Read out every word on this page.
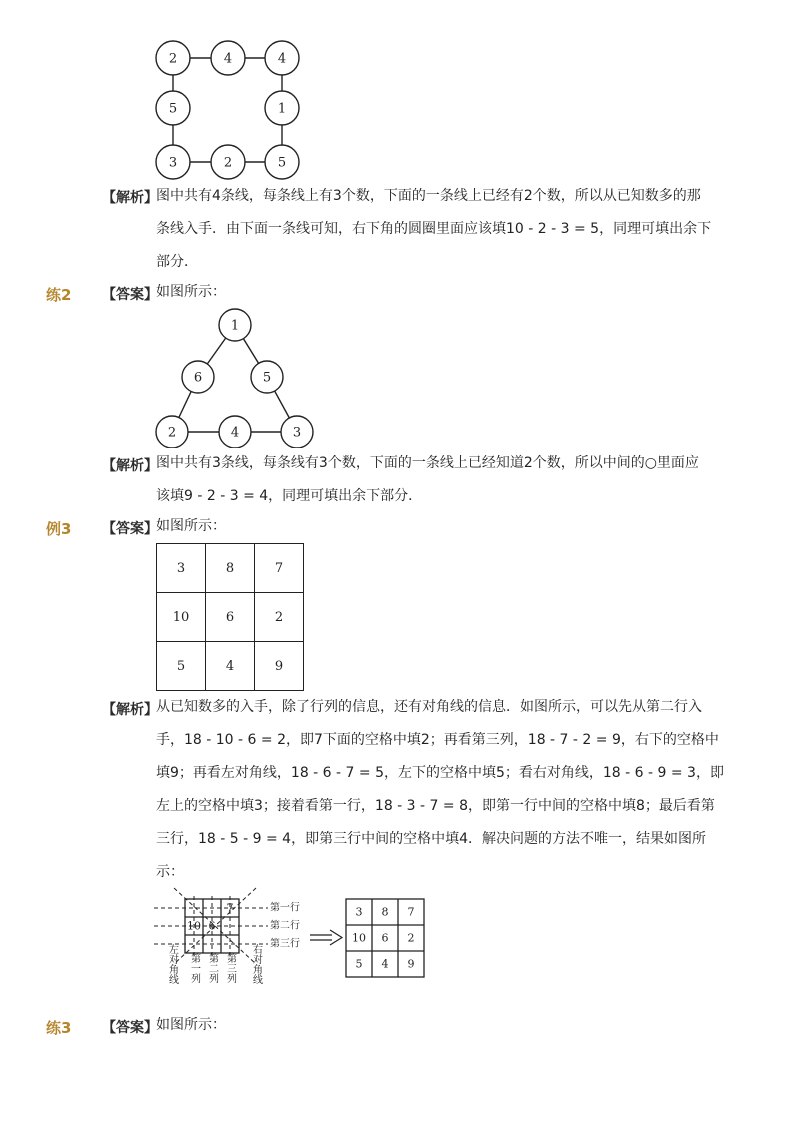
2	4	4
5	1
3	2	5
【解析】
图中共有4条线，每条线上有3个数，下面的一条线上已经有2个数，所以从已知数多的那
条线入手．由下面一条线可知，右下角的圆圈里面应该填10 - 2 - 3 = 5，同理可填出余下
部分．
练2 【答案】
如图所示：
1
6	5
2	4	3
【解析】
图中共有3条线，每条线有3个数，下面的一条线上已经知道2个数，所以中间的○里面应
该填9 - 2 - 3 = 4，同理可填出余下部分．
例3 【答案】
如图所示：
3	8	7
10	6	2
5	4	9
【解析】
从已知数多的入手，除了行列的信息，还有对角线的信息．如图所示，可以先从第二行入
手，18 - 10 - 6 = 2，即7下面的空格中填2；再看第三列，18 - 7 - 2 = 9，右下的空格中
填9；再看左对角线，18 - 6 - 7 = 5，左下的空格中填5；看右对角线，18 - 6 - 9 = 3，即
左上的空格中填3；接着看第一行，18 - 3 - 7 = 8，即第一行中间的空格中填8；最后看第
三行，18 - 5 - 9 = 4，即第三行中间的空格中填4．解决问题的方法不唯一，结果如图所
示：
7
10 6
第一行
第二行
第三行
左对角线 第一列 第二列 第三列 右对角线
3 8 7
10 6 2
5 4 9
练3 【答案】
如图所示：
